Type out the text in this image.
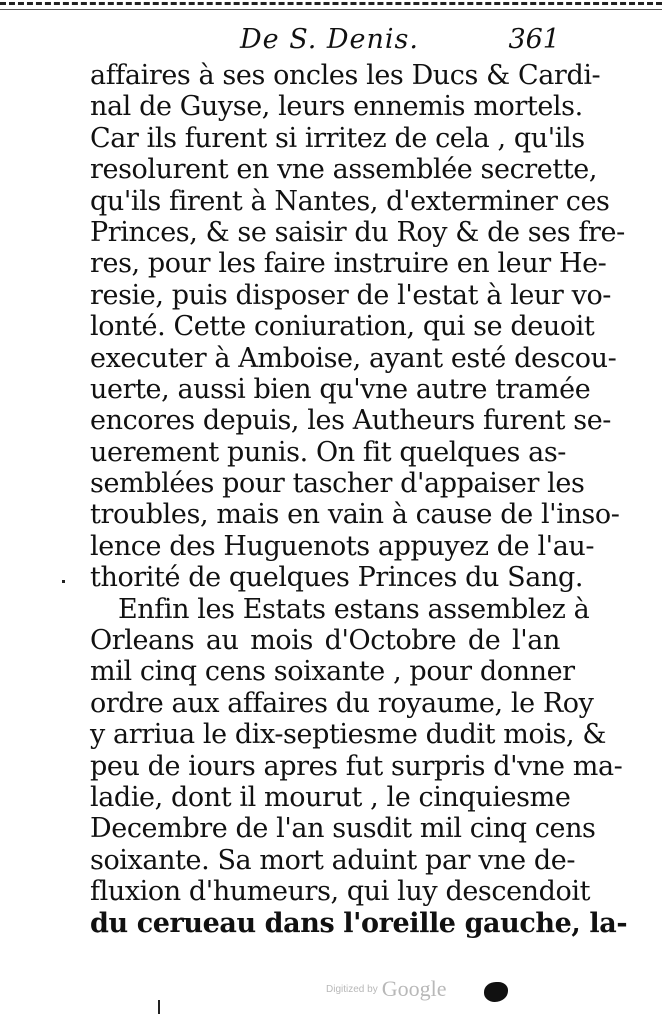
De S. Denis.	361
affaires à ses oncles les Ducs & Cardi-
nal de Guyse, leurs ennemis mortels.
Car ils furent si irritez de cela , qu'ils
resolurent en vne assemblée secrette,
qu'ils firent à Nantes, d'exterminer ces
Princes, & se saisir du Roy & de ses fre-
res, pour les faire instruire en leur He-
resie, puis disposer de l'estat à leur vo-
lonté. Cette coniuration, qui se deuoit
executer à Amboise, ayant esté descou-
uerte, aussi bien qu'vne autre tramée
encores depuis, les Autheurs furent se-
uerement punis. On fit quelques as-
semblées pour tascher d'appaiser les
troubles, mais en vain à cause de l'inso-
lence des Huguenots appuyez de l'au-
thorité de quelques Princes du Sang.
Enfin les Estats estans assemblez à
Orleans au mois d'Octobre de l'an
mil cinq cens soixante , pour donner
ordre aux affaires du royaume, le Roy
y arriua le dix-septiesme dudit mois, &
peu de iours apres fut surpris d'vne ma-
ladie, dont il mourut , le cinquiesme
Decembre de l'an susdit mil cinq cens
soixante. Sa mort aduint par vne de-
fluxion d'humeurs, qui luy descendoit
du cerueau dans l'oreille gauche, la-
Digitized by Google
